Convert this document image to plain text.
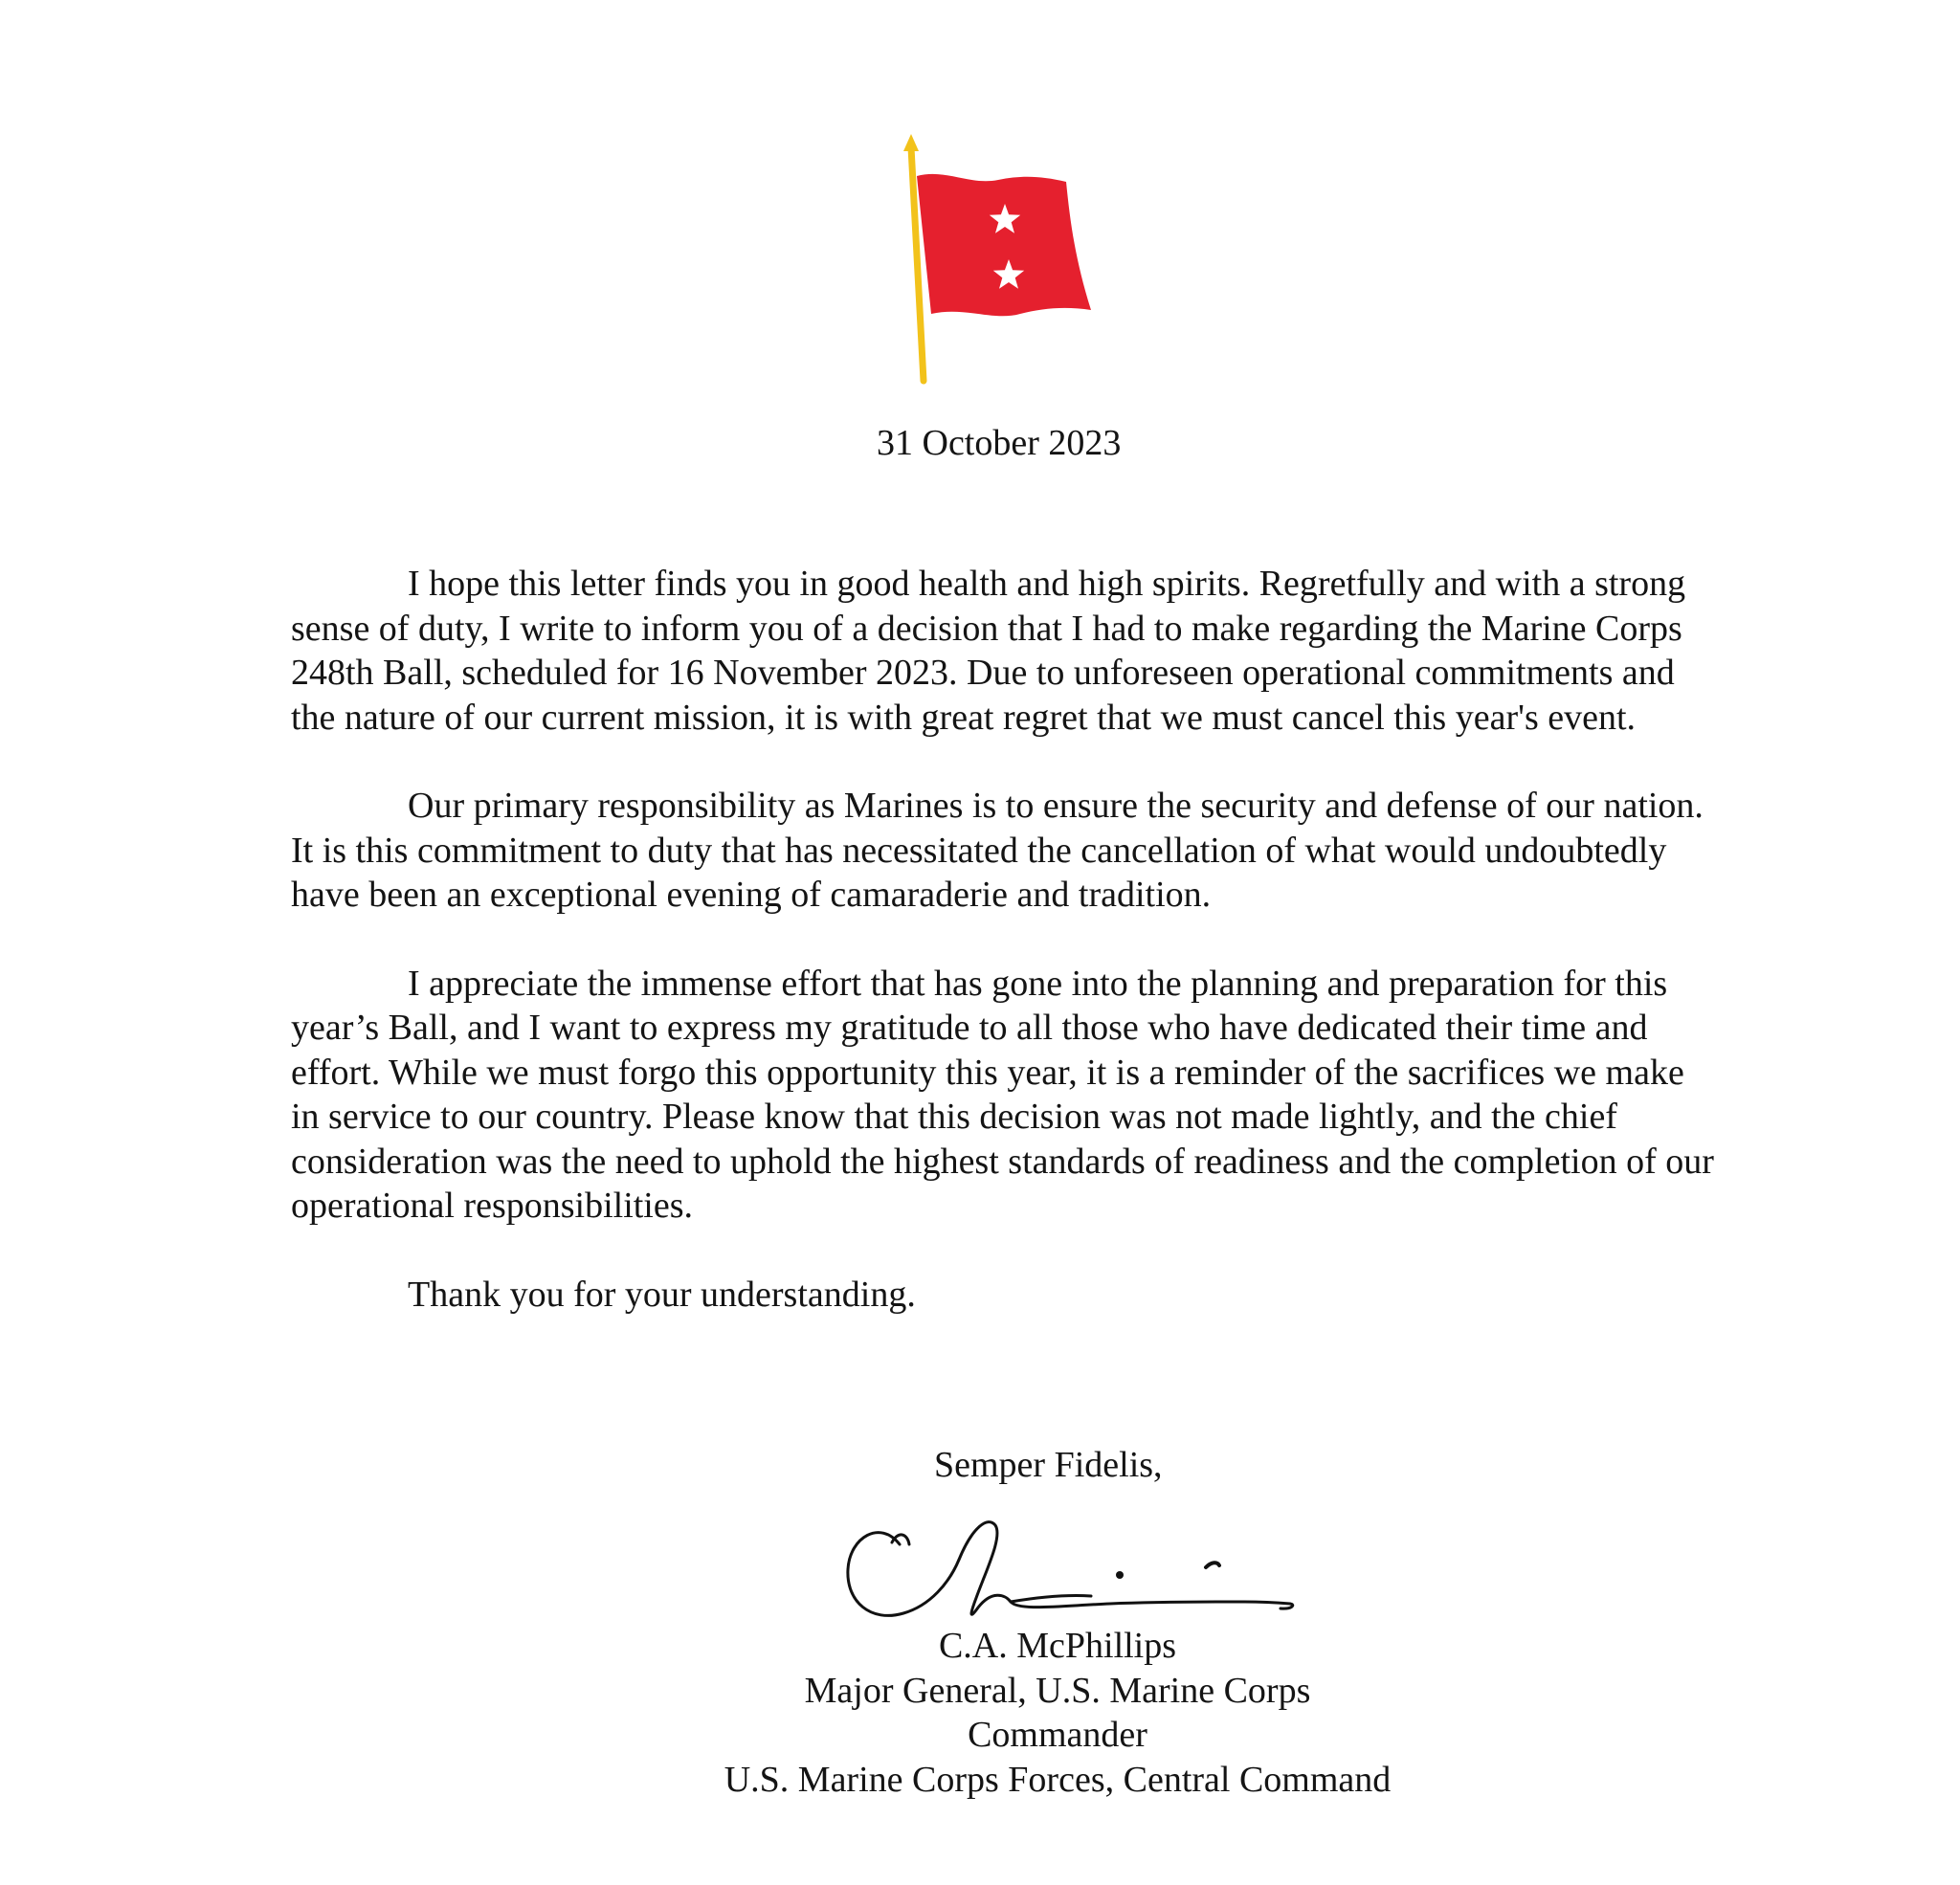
31 October 2023

I hope this letter finds you in good health and high spirits. Regretfully and with a strong sense of duty, I write to inform you of a decision that I had to make regarding the Marine Corps 248th Ball, scheduled for 16 November 2023. Due to unforeseen operational commitments and the nature of our current mission, it is with great regret that we must cancel this year's event.

Our primary responsibility as Marines is to ensure the security and defense of our nation. It is this commitment to duty that has necessitated the cancellation of what would undoubtedly have been an exceptional evening of camaraderie and tradition.

I appreciate the immense effort that has gone into the planning and preparation for this year’s Ball, and I want to express my gratitude to all those who have dedicated their time and effort. While we must forgo this opportunity this year, it is a reminder of the sacrifices we make in service to our country. Please know that this decision was not made lightly, and the chief consideration was the need to uphold the highest standards of readiness and the completion of our operational responsibilities.

Thank you for your understanding.

Semper Fidelis,
C.A. McPhillips
Major General, U.S. Marine Corps
Commander
U.S. Marine Corps Forces, Central Command
